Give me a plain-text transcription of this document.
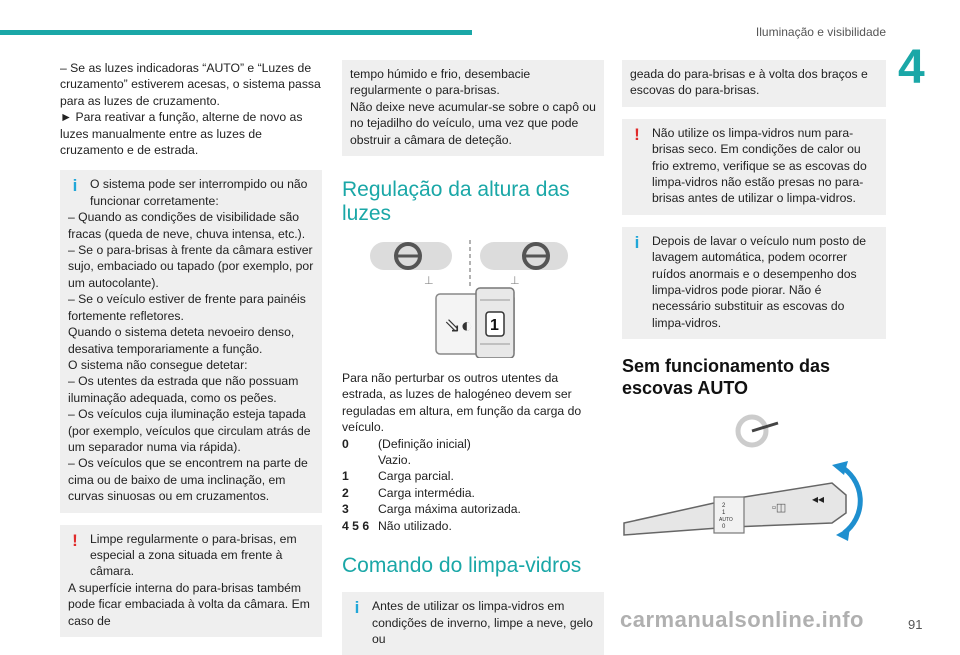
Iluminação e visibilidade
4

– Se as luzes indicadoras “AUTO” e “Luzes de cruzamento” estiverem acesas, o sistema passa para as luzes de cruzamento.

► Para reativar a função, alterne de novo as luzes manualmente entre as luzes de cruzamento e de estrada.

i	O sistema pode ser interrompido ou não funcionar corretamente:

– Quando as condições de visibilidade são fracas (queda de neve, chuva intensa, etc.).

– Se o para-brisas à frente da câmara estiver sujo, embaciado ou tapado (por exemplo, por um autocolante).

– Se o veículo estiver de frente para painéis fortemente refletores.

Quando o sistema deteta nevoeiro denso, desativa temporariamente a função.

O sistema não consegue detetar:

– Os utentes da estrada que não possuam iluminação adequada, como os peões.

– Os veículos cuja iluminação esteja tapada (por exemplo, veículos que circulam atrás de um separador numa via rápida).

– Os veículos que se encontrem na parte de cima ou de baixo de uma inclinação, em curvas sinuosas ou em cruzamentos.

! Limpe regularmente o para-brisas, em especial a zona situada em frente à câmara.

A superfície interna do para-brisas também pode ficar embaciada à volta da câmara. Em caso de

tempo húmido e frio, desembacie regularmente o para-brisas.

Não deixe neve acumular-se sobre o capô ou no tejadilho do veículo, uma vez que pode obstruir a câmara de deteção.

Regulação da altura das luzes
⊥	⊥
1
⇘◐

Para não perturbar os outros utentes da estrada, as luzes de halogéneo devem ser reguladas em altura, em função da carga do veículo.

0	(Definição inicial)
Vazio.
1	Carga parcial.
2	Carga intermédia.
3	Carga máxima autorizada.
4 5 6 Não utilizado.
Comando do limpa-vidros
i	Antes de utilizar os limpa-vidros em condições de inverno, limpe a neve, gelo ou

geada do para-brisas e à volta dos braços e escovas do para-brisas.

! Não utilize os limpa-vidros num para-brisas seco. Em condições de calor ou frio extremo, verifique se as escovas do limpa-vidros não estão presas no para-brisas antes de utilizar o limpa-vidros.

i	Depois de lavar o veículo num posto de lavagem automática, podem ocorrer ruídos anormais e o desempenho dos limpa-vidros pode piorar. Não é necessário substituir as escovas do limpa-vidros.

Sem funcionamento das escovas AUTO
2
1
AUTO
0
▫◫
◂◂
carmanualsonline.info	91
